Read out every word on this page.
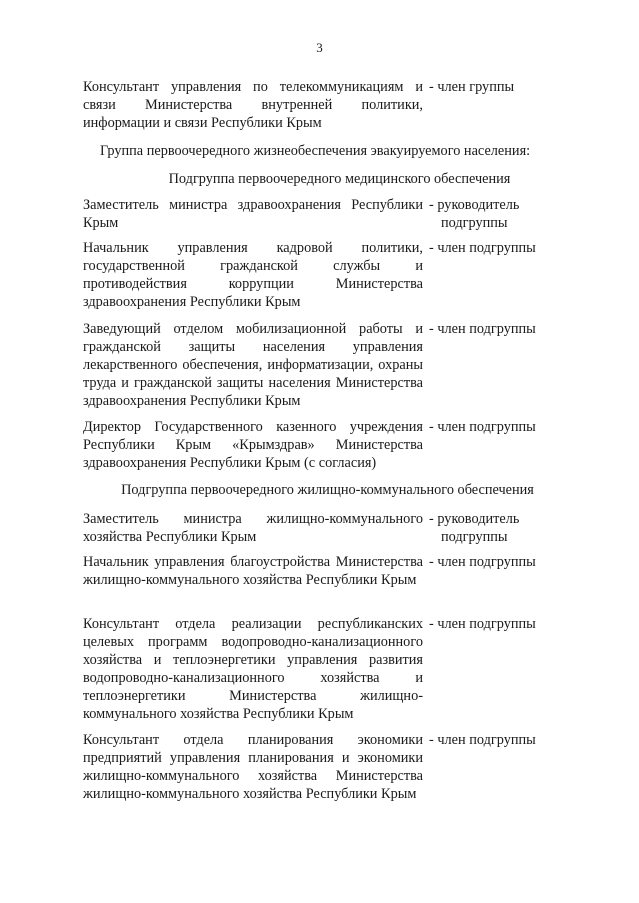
3
Консультант управления по телекоммуникациям и связи Министерства внутренней политики, информации и связи Республики Крым
- член группы
Группа первоочередного жизнеобеспечения эвакуируемого населения:
Подгруппа первоочередного медицинского обеспечения
Заместитель министра здравоохранения Республики Крым
- руководитель
подгруппы
Начальник управления кадровой политики, государственной гражданской службы и противодействия коррупции Министерства здравоохранения Республики Крым
- член подгруппы
Заведующий отделом мобилизационной работы и гражданской защиты населения управления лекарственного обеспечения, информатизации, охраны труда и гражданской защиты населения Министерства здравоохранения Республики Крым
- член подгруппы
Директор Государственного казенного учреждения Республики Крым «Крымздрав» Министерства здравоохранения Республики Крым (с согласия)
- член подгруппы
Подгруппа первоочередного жилищно-коммунального обеспечения
Заместитель министра жилищно-коммунального хозяйства Республики Крым
- руководитель
подгруппы
Начальник управления благоустройства Министерства жилищно-коммунального хозяйства Республики Крым
- член подгруппы
Консультант отдела реализации республиканских целевых программ водопроводно-канализационного хозяйства и теплоэнергетики управления развития водопроводно-канализационного хозяйства и теплоэнергетики Министерства жилищно-коммунального хозяйства Республики Крым
- член подгруппы
Консультант отдела планирования экономики предприятий управления планирования и экономики жилищно-коммунального хозяйства Министерства жилищно-коммунального хозяйства Республики Крым
- член подгруппы
